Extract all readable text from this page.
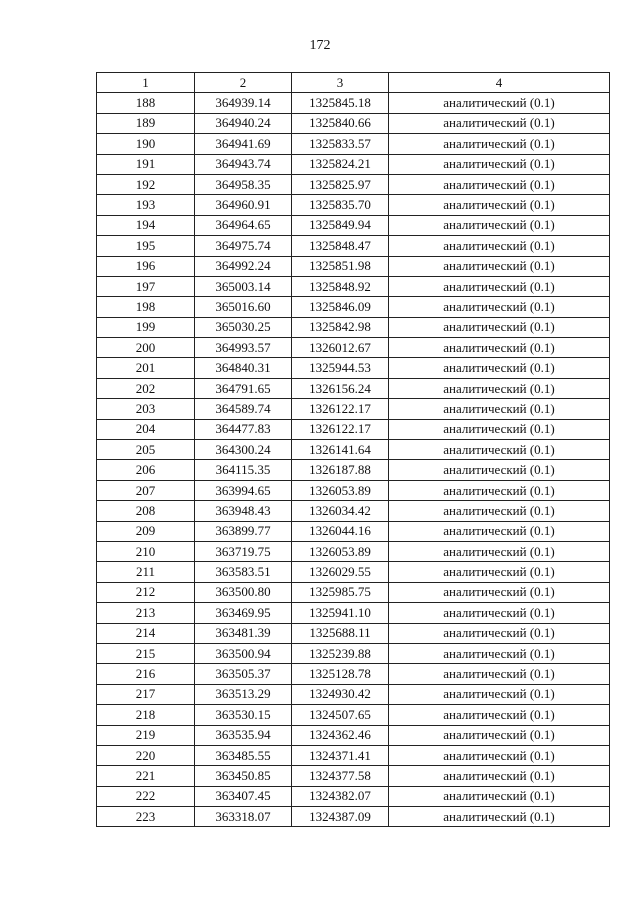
172
1	2	3	4
188	364939.14	1325845.18	аналитический (0.1)
189	364940.24	1325840.66	аналитический (0.1)
190	364941.69	1325833.57	аналитический (0.1)
191	364943.74	1325824.21	аналитический (0.1)
192	364958.35	1325825.97	аналитический (0.1)
193	364960.91	1325835.70	аналитический (0.1)
194	364964.65	1325849.94	аналитический (0.1)
195	364975.74	1325848.47	аналитический (0.1)
196	364992.24	1325851.98	аналитический (0.1)
197	365003.14	1325848.92	аналитический (0.1)
198	365016.60	1325846.09	аналитический (0.1)
199	365030.25	1325842.98	аналитический (0.1)
200	364993.57	1326012.67	аналитический (0.1)
201	364840.31	1325944.53	аналитический (0.1)
202	364791.65	1326156.24	аналитический (0.1)
203	364589.74	1326122.17	аналитический (0.1)
204	364477.83	1326122.17	аналитический (0.1)
205	364300.24	1326141.64	аналитический (0.1)
206	364115.35	1326187.88	аналитический (0.1)
207	363994.65	1326053.89	аналитический (0.1)
208	363948.43	1326034.42	аналитический (0.1)
209	363899.77	1326044.16	аналитический (0.1)
210	363719.75	1326053.89	аналитический (0.1)
211	363583.51	1326029.55	аналитический (0.1)
212	363500.80	1325985.75	аналитический (0.1)
213	363469.95	1325941.10	аналитический (0.1)
214	363481.39	1325688.11	аналитический (0.1)
215	363500.94	1325239.88	аналитический (0.1)
216	363505.37	1325128.78	аналитический (0.1)
217	363513.29	1324930.42	аналитический (0.1)
218	363530.15	1324507.65	аналитический (0.1)
219	363535.94	1324362.46	аналитический (0.1)
220	363485.55	1324371.41	аналитический (0.1)
221	363450.85	1324377.58	аналитический (0.1)
222	363407.45	1324382.07	аналитический (0.1)
223	363318.07	1324387.09	аналитический (0.1)
